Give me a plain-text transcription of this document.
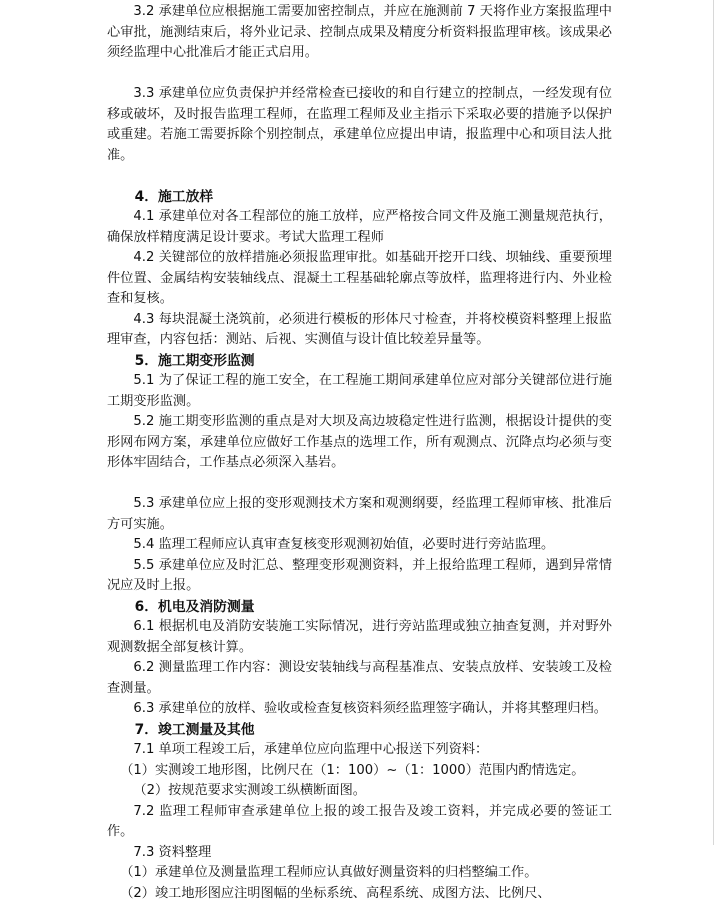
3.2 承建单位应根据施工需要加密控制点，并应在施测前 7 天将作业方案报监理中心审批，施测结束后，将外业记录、控制点成果及精度分析资料报监理审核。该成果必须经监理中心批准后才能正式启用。

3.3 承建单位应负责保护并经常检查已接收的和自行建立的控制点，一经发现有位移或破坏，及时报告监理工程师，在监理工程师及业主指示下采取必要的措施予以保护或重建。若施工需要拆除个别控制点，承建单位应提出申请，报监理中心和项目法人批准。

4．施工放样

4.1 承建单位对各工程部位的施工放样，应严格按合同文件及施工测量规范执行，确保放样精度满足设计要求。考试大监理工程师

4.2 关键部位的放样措施必须报监理审批。如基础开挖开口线、坝轴线、重要预埋件位置、金属结构安装轴线点、混凝土工程基础轮廓点等放样，监理将进行内、外业检查和复核。

4.3 每块混凝土浇筑前，必须进行模板的形体尺寸检查，并将校模资料整理上报监理审查，内容包括：测站、后视、实测值与设计值比较差异量等。

5．施工期变形监测

5.1 为了保证工程的施工安全，在工程施工期间承建单位应对部分关键部位进行施工期变形监测。

5.2 施工期变形监测的重点是对大坝及高边坡稳定性进行监测，根据设计提供的变形网布网方案，承建单位应做好工作基点的选埋工作，所有观测点、沉降点均必须与变形体牢固结合，工作基点必须深入基岩。

5.3 承建单位应上报的变形观测技术方案和观测纲要，经监理工程师审核、批准后方可实施。

5.4 监理工程师应认真审查复核变形观测初始值，必要时进行旁站监理。

5.5 承建单位应及时汇总、整理变形观测资料，并上报给监理工程师，遇到异常情况应及时上报。

6．机电及消防测量

6.1 根据机电及消防安装施工实际情况，进行旁站监理或独立抽查复测，并对野外观测数据全部复核计算。

6.2 测量监理工作内容：测设安装轴线与高程基准点、安装点放样、安装竣工及检查测量。

6.3 承建单位的放样、验收或检查复核资料须经监理签字确认，并将其整理归档。

7．竣工测量及其他

7.1 单项工程竣工后，承建单位应向监理中心报送下列资料：

（1）实测竣工地形图，比例尺在（1：100）~（1：1000）范围内酌情选定。

（2）按规范要求实测竣工纵横断面图。

7.2 监理工程师审查承建单位上报的竣工报告及竣工资料，并完成必要的签证工作。

7.3 资料整理

（1）承建单位及测量监理工程师应认真做好测量资料的归档整编工作。

（2）竣工地形图应注明图幅的坐标系统、高程系统、成图方法、比例尺、
